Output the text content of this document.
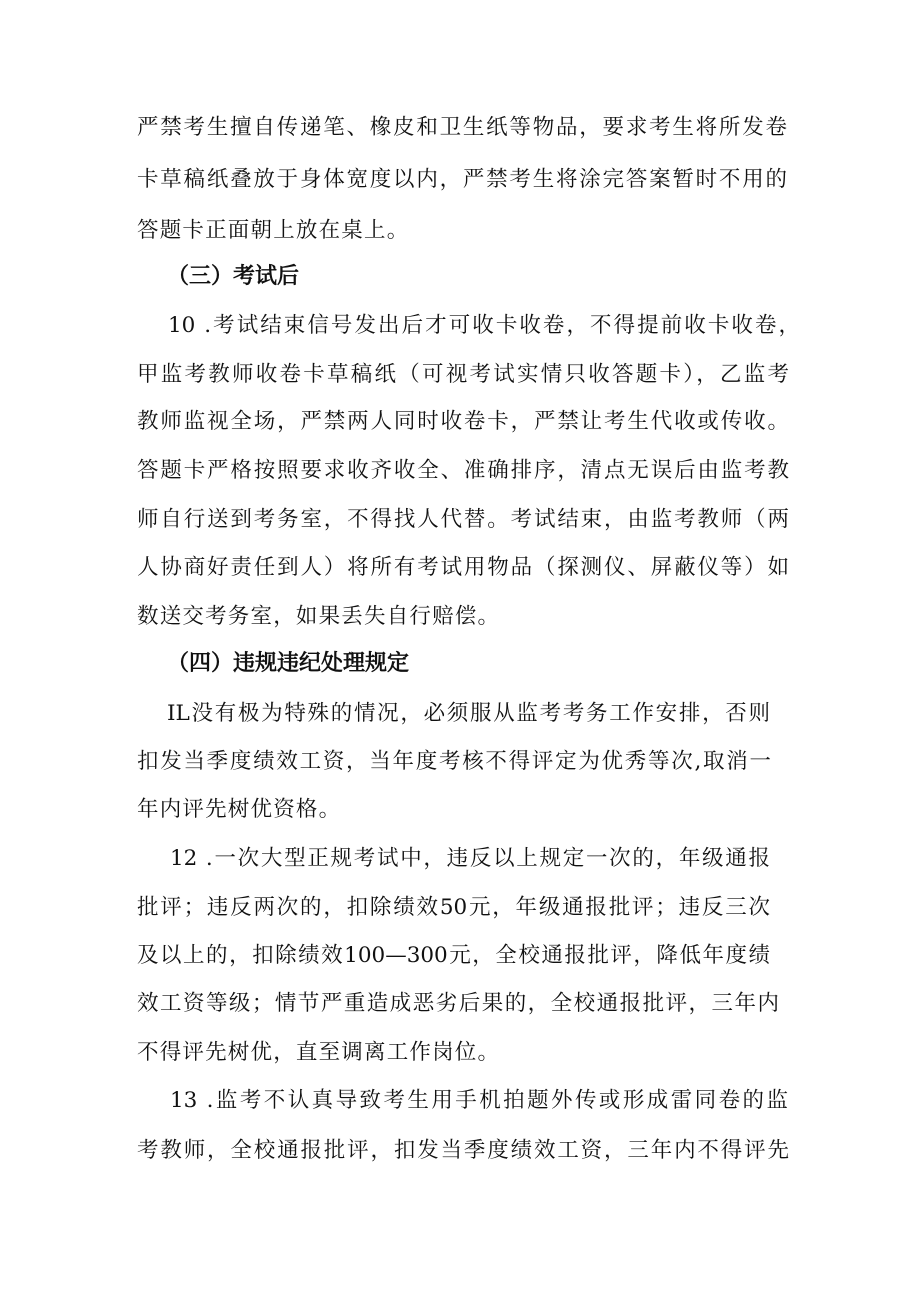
严禁考生擅自传递笔、橡皮和卫生纸等物品，要求考生将所发卷
卡草稿纸叠放于身体宽度以内，严禁考生将涂完答案暂时不用的
答题卡正面朝上放在桌上。
（三）考试后
10 .考试结束信号发出后才可收卡收卷，不得提前收卡收卷，
甲监考教师收卷卡草稿纸（可视考试实情只收答题卡），乙监考
教师监视全场，严禁两人同时收卷卡，严禁让考生代收或传收。
答题卡严格按照要求收齐收全、准确排序，清点无误后由监考教
师自行送到考务室，不得找人代替。考试结束，由监考教师（两
人协商好责任到人）将所有考试用物品（探测仪、屏蔽仪等）如
数送交考务室，如果丢失自行赔偿。
（四）违规违纪处理规定
IL没有极为特殊的情况，必须服从监考考务工作安排，否则
扣发当季度绩效工资，当年度考核不得评定为优秀等次,取消一
年内评先树优资格。
12 .一次大型正规考试中，违反以上规定一次的，年级通报
批评；违反两次的，扣除绩效50元，年级通报批评；违反三次
及以上的，扣除绩效100—300元，全校通报批评，降低年度绩
效工资等级；情节严重造成恶劣后果的，全校通报批评，三年内
不得评先树优，直至调离工作岗位。
13 .监考不认真导致考生用手机拍题外传或形成雷同卷的监
考教师，全校通报批评，扣发当季度绩效工资，三年内不得评先
